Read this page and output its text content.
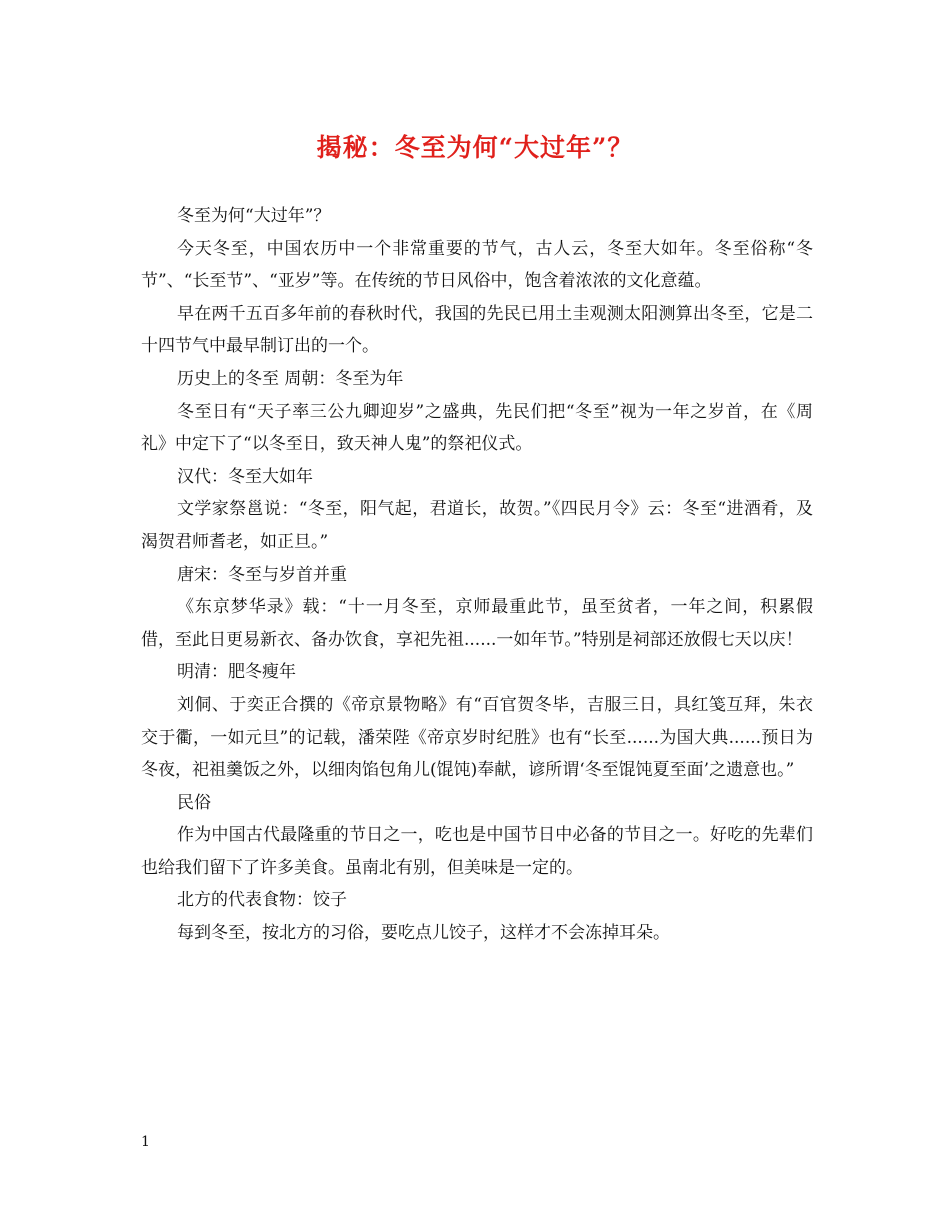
揭秘：冬至为何“大过年”？

冬至为何“大过年”？

今天冬至，中国农历中一个非常重要的节气，古人云，冬至大如年。冬至俗称“冬节”、“长至节”、“亚岁”等。在传统的节日风俗中，饱含着浓浓的文化意蕴。

早在两千五百多年前的春秋时代，我国的先民已用土圭观测太阳测算出冬至，它是二十四节气中最早制订出的一个。

历史上的冬至 周朝：冬至为年

冬至日有“天子率三公九卿迎岁”之盛典，先民们把“冬至”视为一年之岁首，在《周礼》中定下了“以冬至日，致天神人鬼”的祭祀仪式。

汉代：冬至大如年

文学家祭邕说：“冬至，阳气起，君道长，故贺。”《四民月令》云：冬至“进酒肴，及渴贺君师耆老，如正旦。”

唐宋：冬至与岁首并重

《东京梦华录》载：“十一月冬至，京师最重此节，虽至贫者，一年之间，积累假借，至此日更易新衣、备办饮食，享祀先祖......一如年节。”特别是祠部还放假七天以庆！

明清：肥冬瘦年

刘侗、于奕正合撰的《帝京景物略》有“百官贺冬毕，吉服三日，具红笺互拜，朱衣交于衢，一如元旦”的记载，潘荣陛《帝京岁时纪胜》也有“长至......为国大典......预日为冬夜，祀祖羹饭之外，以细肉馅包角儿(馄饨)奉献，谚所谓‘冬至馄饨夏至面’之遗意也。”

民俗

作为中国古代最隆重的节日之一，吃也是中国节日中必备的节目之一。好吃的先辈们也给我们留下了许多美食。虽南北有别，但美味是一定的。

北方的代表食物：饺子

每到冬至，按北方的习俗，要吃点儿饺子，这样才不会冻掉耳朵。

1
